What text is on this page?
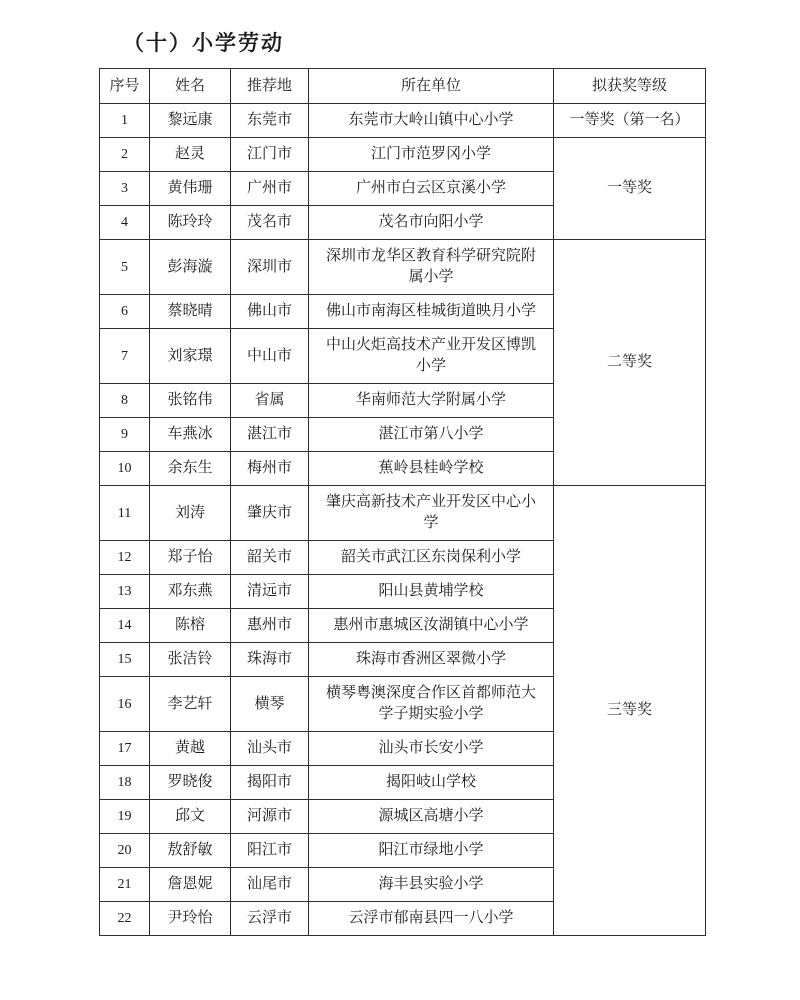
（十）小学劳动
序号	姓名	推荐地	所在单位	拟获奖等级
1	黎远康	东莞市	东莞市大岭山镇中心小学	一等奖（第一名）
2	赵灵	江门市	江门市范罗冈小学	一等奖
3	黄伟珊	广州市	广州市白云区京溪小学	
4	陈玲玲	茂名市	茂名市向阳小学	
5	彭海漩	深圳市	深圳市龙华区教育科学研究院附属小学	二等奖
6	蔡晓晴	佛山市	佛山市南海区桂城街道映月小学	
7	刘家璟	中山市	中山火炬高技术产业开发区博凯小学	
8	张铭伟	省属	华南师范大学附属小学	
9	车燕冰	湛江市	湛江市第八小学	
10	余东生	梅州市	蕉岭县桂岭学校	
11	刘涛	肇庆市	肇庆高新技术产业开发区中心小学	三等奖
12	郑子怡	韶关市	韶关市武江区东岗保利小学	
13	邓东燕	清远市	阳山县黄埔学校	
14	陈榕	惠州市	惠州市惠城区汝湖镇中心小学	
15	张洁铃	珠海市	珠海市香洲区翠微小学	
16	李艺轩	横琴	横琴粤澳深度合作区首都师范大学子期实验小学	
17	黄越	汕头市	汕头市长安小学	
18	罗晓俊	揭阳市	揭阳岐山学校	
19	邱文	河源市	源城区高塘小学	
20	敖舒敏	阳江市	阳江市绿地小学	
21	詹恩妮	汕尾市	海丰县实验小学	
22	尹玲怡	云浮市	云浮市郁南县四一八小学	
